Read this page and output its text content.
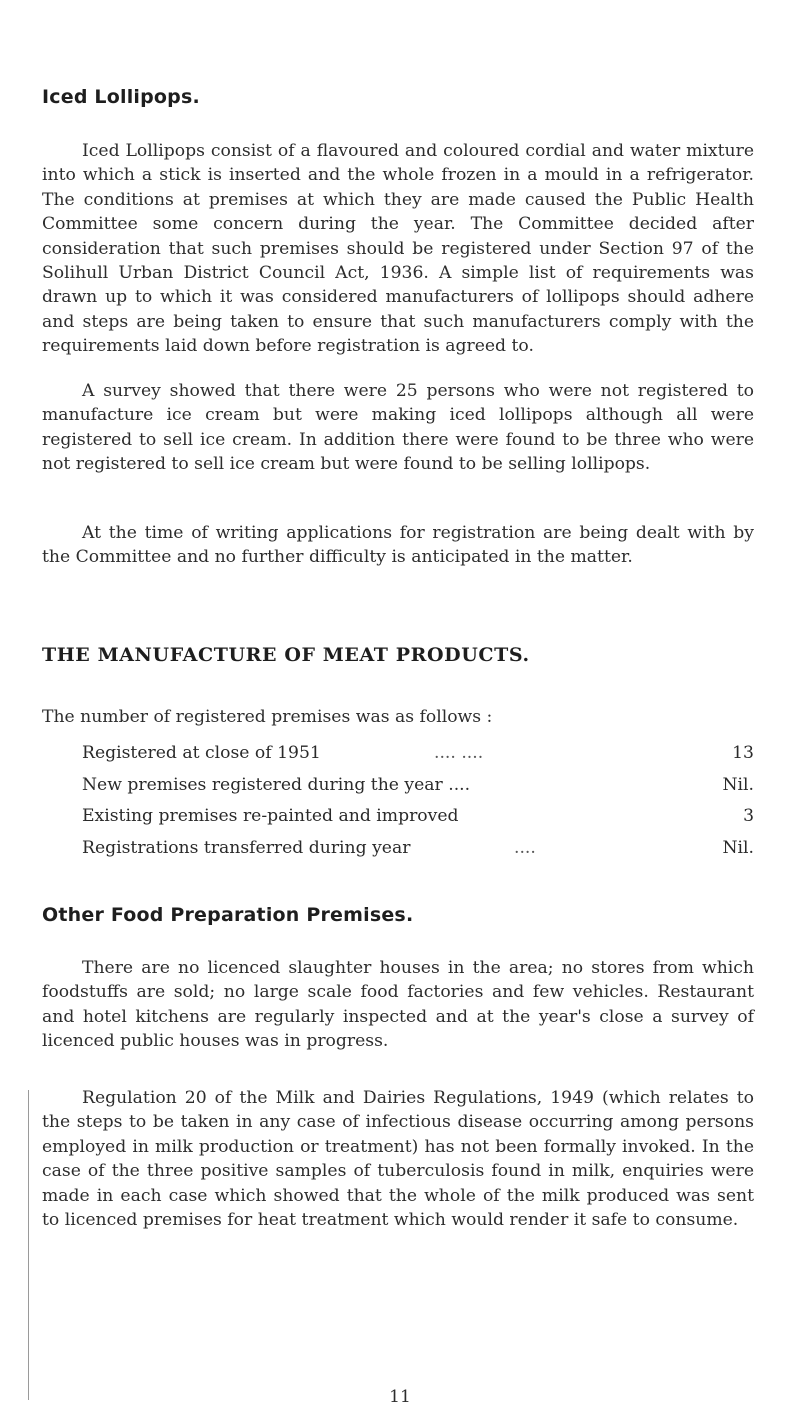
Iced Lollipops.
Iced Lollipops consist of a flavoured and coloured cordial and water mixture into which a stick is inserted and the whole frozen in a mould in a refrigerator. The conditions at premises at which they are made caused the Public Health Committee some concern during the year. The Committee decided after consideration that such premises should be registered under Section 97 of the Solihull Urban District Council Act, 1936. A simple list of requirements was drawn up to which it was considered manufacturers of lollipops should adhere and steps are being taken to ensure that such manufacturers comply with the requirements laid down before registration is agreed to.
A survey showed that there were 25 persons who were not registered to manufacture ice cream but were making iced lollipops although all were registered to sell ice cream. In addition there were found to be three who were not registered to sell ice cream but were found to be selling lollipops.
At the time of writing applications for registration are being dealt with by the Committee and no further difficulty is anticipated in the matter.
THE MANUFACTURE OF MEAT PRODUCTS.
The number of registered premises was as follows :
Registered at close of 1951	.... ....	13
New premises registered during the year ....	Nil.
Existing premises re-painted and improved	3
Registrations transferred during year	....	Nil.
Other Food Preparation Premises.
There are no licenced slaughter houses in the area; no stores from which foodstuffs are sold; no large scale food factories and few vehicles. Restaurant and hotel kitchens are regularly inspected and at the year's close a survey of licenced public houses was in progress.
Regulation 20 of the Milk and Dairies Regulations, 1949 (which relates to the steps to be taken in any case of infectious disease occurring among persons employed in milk production or treatment) has not been formally invoked. In the case of the three positive samples of tuberculosis found in milk, enquiries were made in each case which showed that the whole of the milk produced was sent to licenced premises for heat treatment which would render it safe to consume.
11
